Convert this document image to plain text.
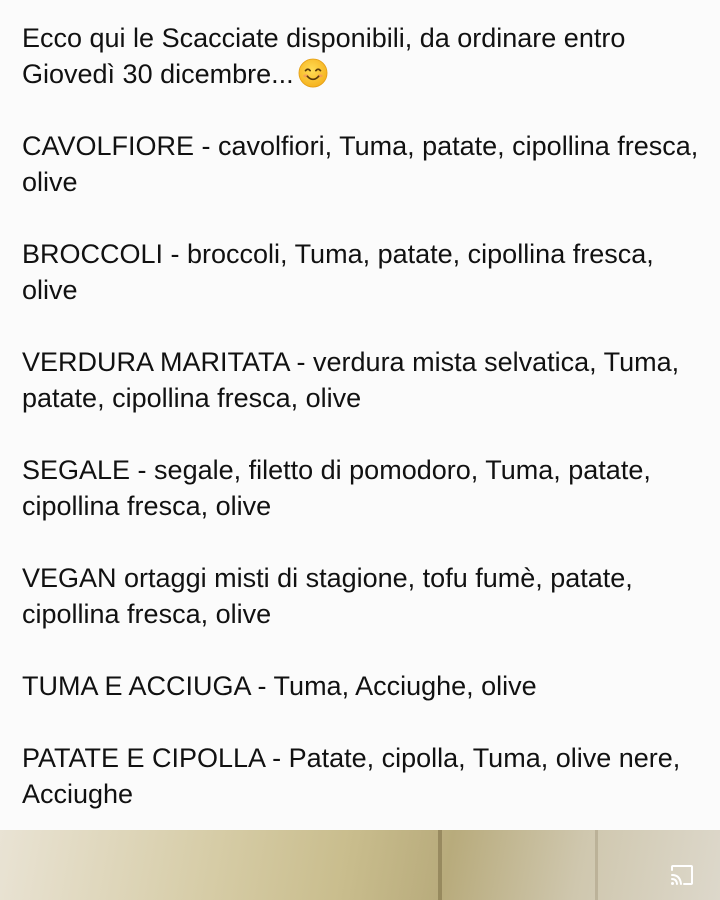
Ecco qui le Scacciate disponibili, da ordinare entro Giovedì 30 dicembre...

CAVOLFIORE - cavolfiori, Tuma, patate, cipollina fresca, olive

BROCCOLI - broccoli, Tuma, patate, cipollina fresca, olive

VERDURA MARITATA - verdura mista selvatica, Tuma, patate, cipollina fresca, olive

SEGALE - segale, filetto di pomodoro, Tuma, patate, cipollina fresca, olive

VEGAN ortaggi misti di stagione, tofu fumè, patate, cipollina fresca, olive

TUMA E ACCIUGA - Tuma, Acciughe, olive

PATATE E CIPOLLA - Patate, cipolla, Tuma, olive nere, Acciughe
